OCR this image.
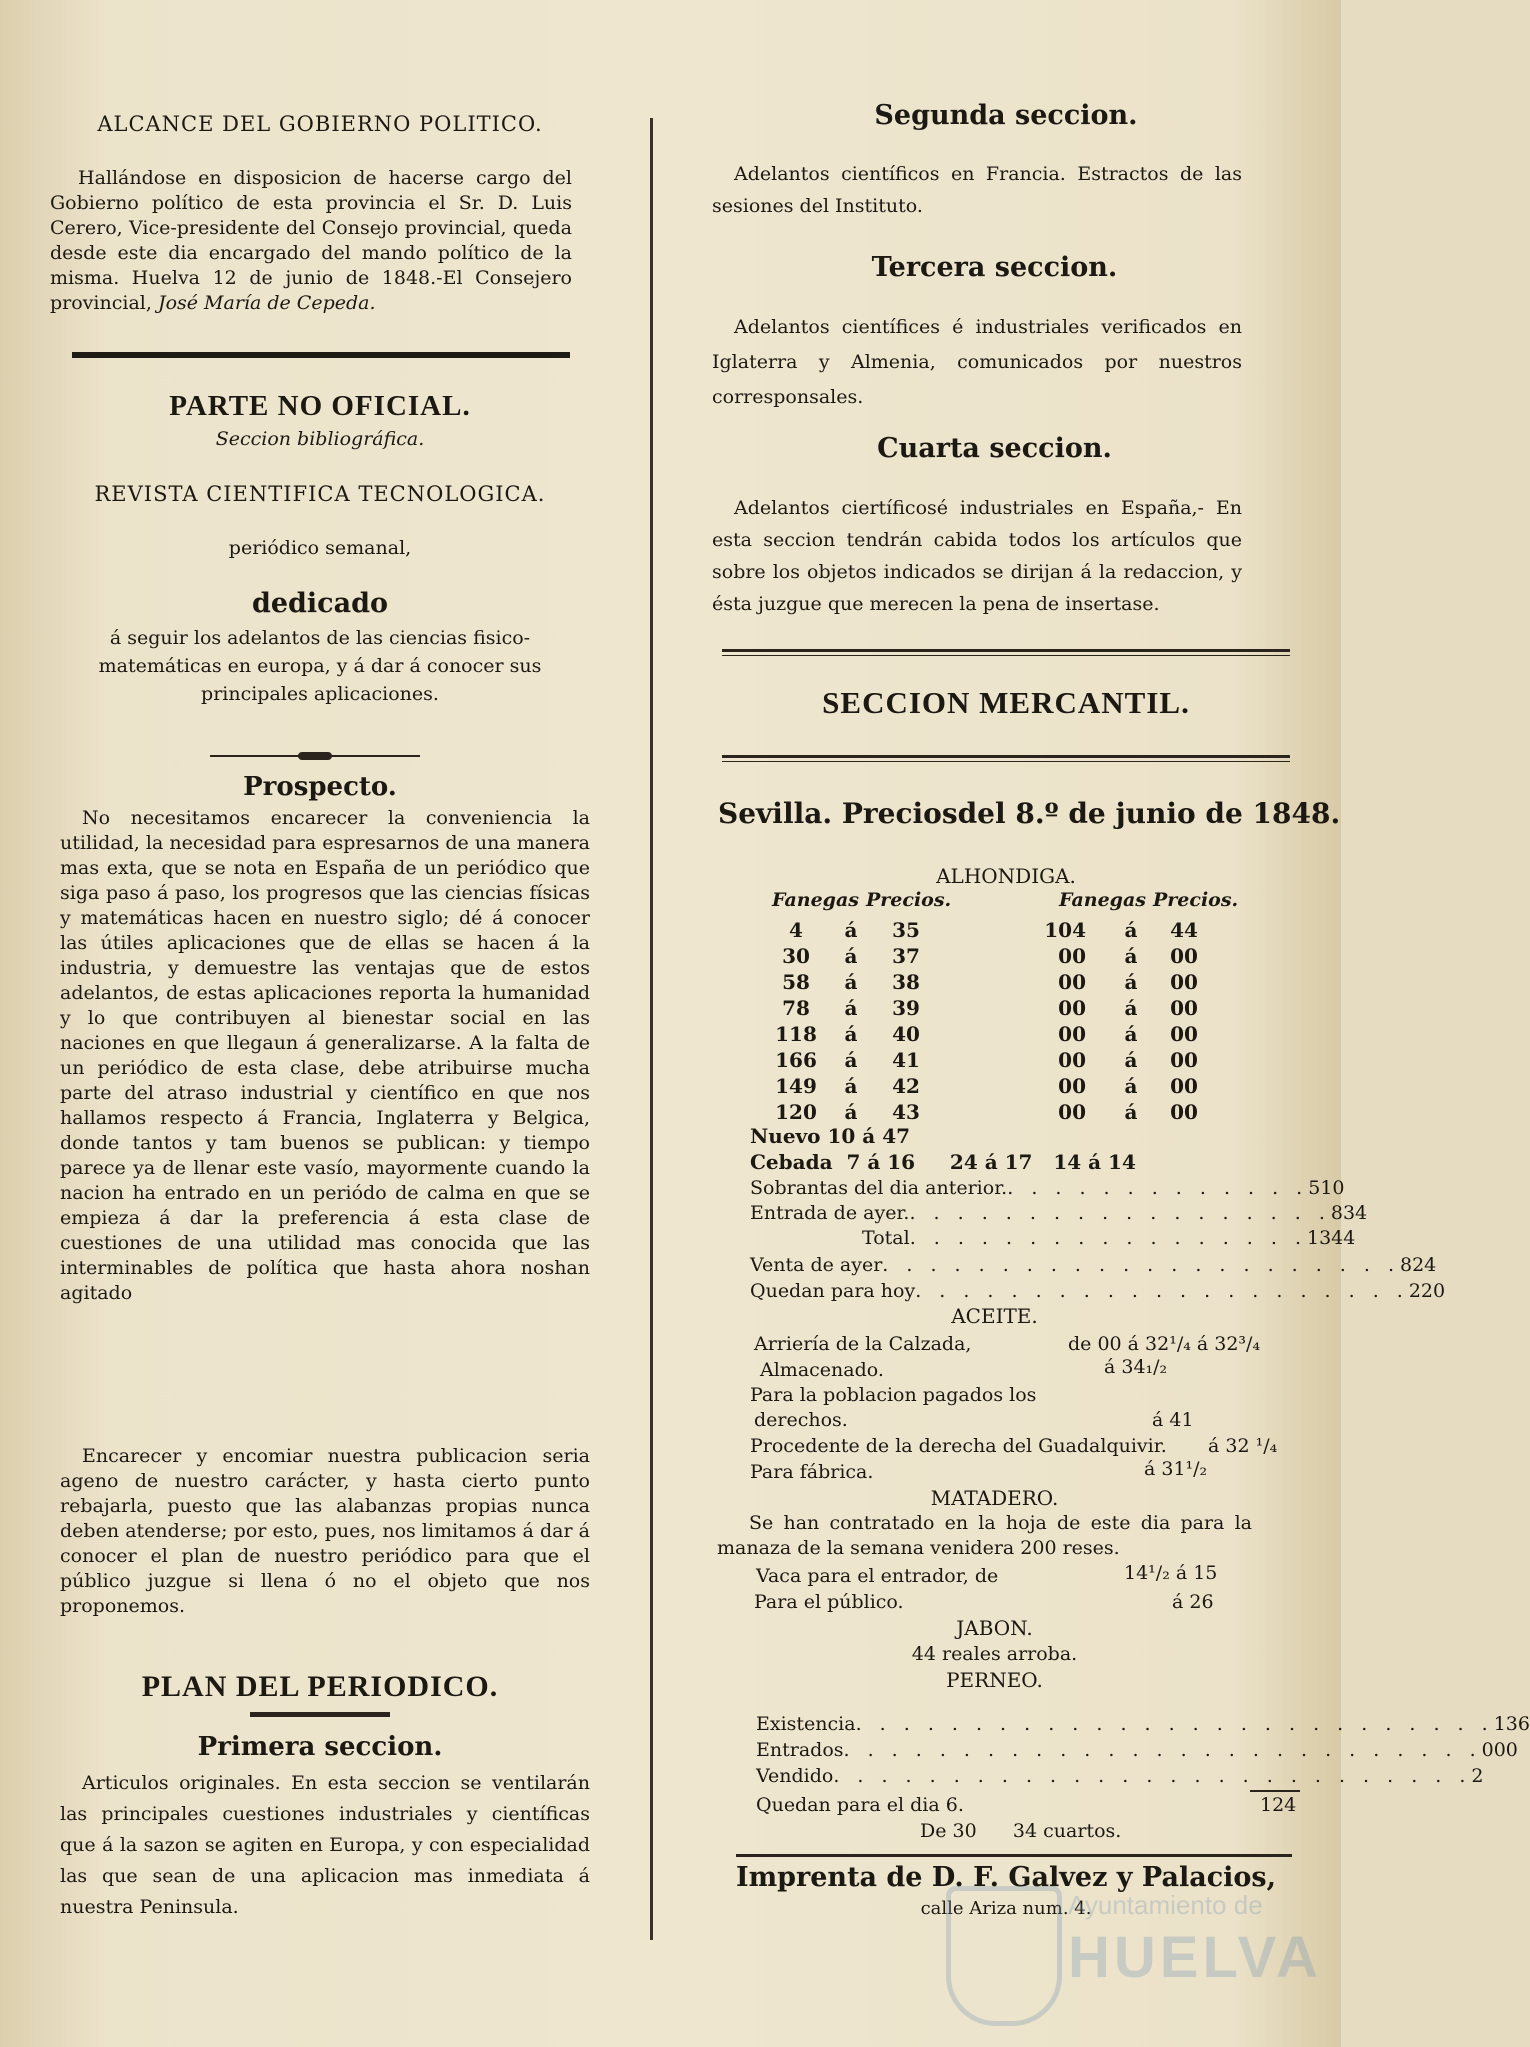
ALCANCE DEL GOBIERNO POLITICO.
Hallándose en disposicion de hacerse cargo del Gobierno político de esta provincia el Sr. D. Luis Cerero, Vice-presidente del Consejo provincial, queda desde este dia encargado del mando político de la misma. Huelva 12 de junio de 1848.-El Consejero provincial, José María de Cepeda.
PARTE NO OFICIAL.
Seccion bibliográfica.
REVISTA CIENTIFICA TECNOLOGICA.
periódico semanal,
dedicado
á seguir los adelantos de las ciencias fisico-matemáticas en europa, y á dar á conocer sus principales aplicaciones.
Prospecto.
No necesitamos encarecer la conveniencia la utilidad, la necesidad para espresarnos de una manera mas exta, que se nota en España de un periódico que siga paso á paso, los progresos que las ciencias físicas y matemáticas hacen en nuestro siglo; dé á conocer las útiles aplicaciones que de ellas se hacen á la industria, y demuestre las ventajas que de estos adelantos, de estas aplicaciones reporta la humanidad y lo que contribuyen al bienestar social en las naciones en que llegaun á generalizarse. A la falta de un periódico de esta clase, debe atribuirse mucha parte del atraso industrial y científico en que nos hallamos respecto á Francia, Inglaterra y Belgica, donde tantos y tam buenos se publican: y tiempo parece ya de llenar este vasío, mayormente cuando la nacion ha entrado en un periódo de calma en que se empieza á dar la preferencia á esta clase de cuestiones de una utilidad mas conocida que las interminables de política que hasta ahora noshan agitado
Encarecer y encomiar nuestra publicacion seria ageno de nuestro carácter, y hasta cierto punto rebajarla, puesto que las alabanzas propias nunca deben atenderse; por esto, pues, nos limitamos á dar á conocer el plan de nuestro periódico para que el público juzgue si llena ó no el objeto que nos proponemos.
PLAN DEL PERIODICO.
Primera seccion.
Articulos originales. En esta seccion se ventilarán las principales cuestiones industriales y científicas que á la sazon se agiten en Europa, y con especialidad las que sean de una aplicacion mas inmediata á nuestra Peninsula.
Segunda seccion.
Adelantos científicos en Francia. Estractos de las sesiones del Instituto.
Tercera seccion.
Adelantos científices é industriales verificados en Iglaterra y Almenia, comunicados por nuestros corresponsales.
Cuarta seccion.
Adelantos ciertíficosé industriales en España,- En esta seccion tendrán cabida todos los artículos que sobre los objetos indicados se dirijan á la redaccion, y ésta juzgue que merecen la pena de insertase.
SECCION MERCANTIL.
Sevilla. Preciosdel 8.º de junio de 1848.
ALHONDIGA.
Fanegas Precios.	Fanegas Precios.
4	á	35	104	á	44
30	á	37	00	á	00
58	á	38	00	á	00
78	á	39	00	á	00
118	á	40	00	á	00
166	á	41	00	á	00
149	á	42	00	á	00
120	á	43	00	á	00
Nuevo 10 á 47
Cebada  7 á 16     24 á 17   14 á 14
Sobrantas del dia anterior. . . . . . . . . . . . . . 510
Entrada de ayer. . . . . . . . . . . . . . . . . . . 834
Total . . . . . . . . . . . . . . . . . 1344
Venta de ayer . . . . . . . . . . . . . . . . . . . . . . 824
Quedan para hoy . . . . . . . . . . . . . . . . . . . . . 220
ACEITE.
Arriería de la Calzada,	de 00 á 32¹/₄ á 32³/₄
Almacenado.	á 34₁/₂
Para la poblacion pagados los
derechos.	á 41
Procedente de la derecha del Guadalquivir. á 32 ¹/₄
Para fábrica.	á 31¹/₂
MATADERO.
Se han contratado en la hoja de este dia para la manaza de la semana venidera 200 reses.
Vaca para el entrador, de	14¹/₂ á 15
Para el público.	á 26
JABON.
44 reales arroba.
PERNEO.
Existencia . . . . . . . . . . . . . . . . . . . . . . . . . . . 136
Entrados . . . . . . . . . . . . . . . . . . . . . . . . . . . 000
Vendido . . . . . . . . . . . . . . . . . . . . . . . . . . . 2
Quedan para el dia 6.	124
De 30      34 cuartos.
Imprenta de D. F. Galvez y Palacios,
calle Ariza num. 4.
Ayuntamiento de
HUELVA
